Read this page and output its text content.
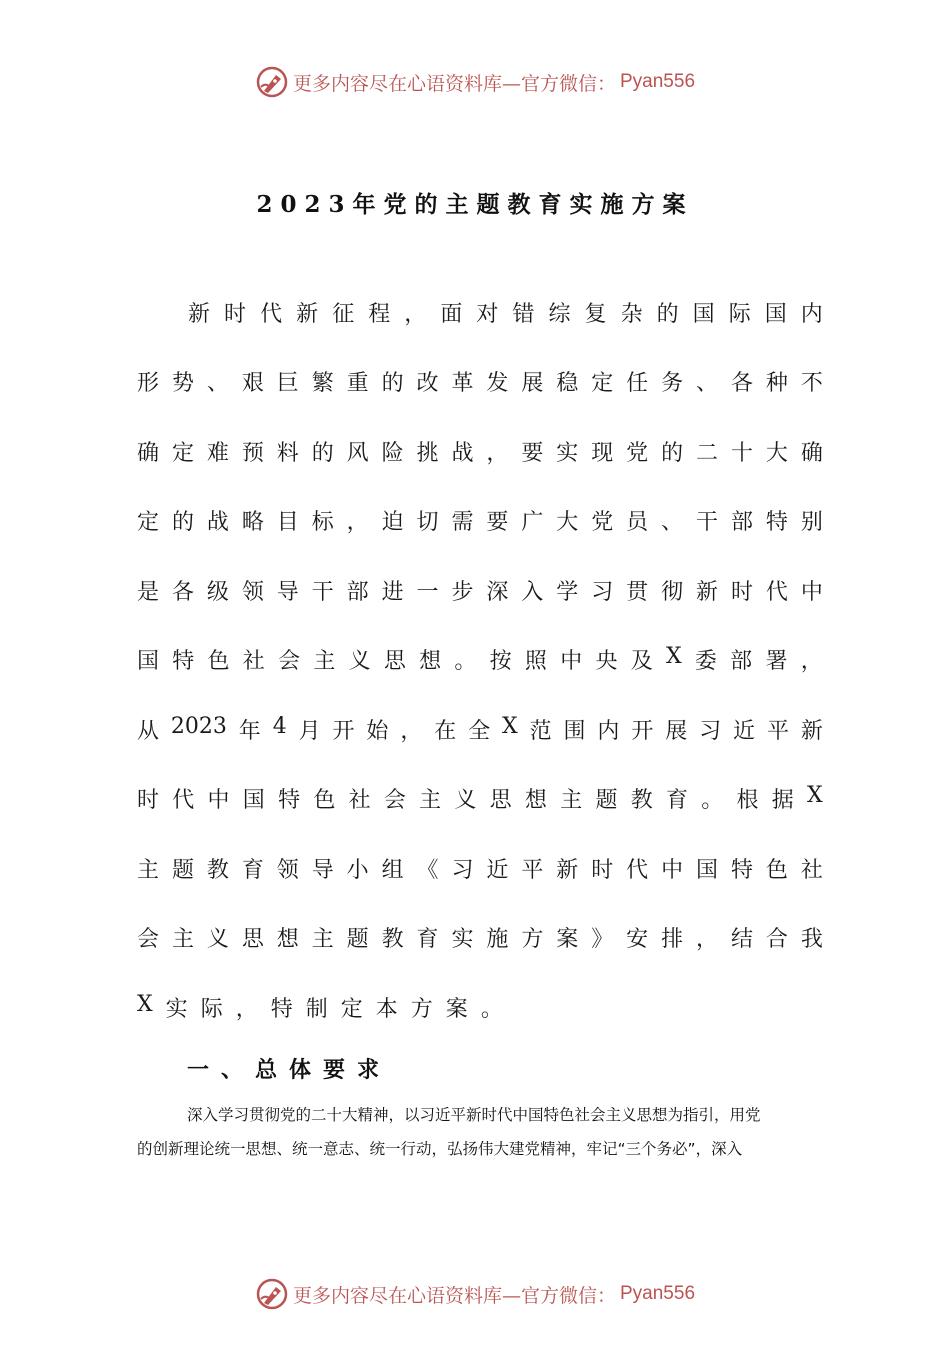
更多内容尽在心语资料库—官方微信： Pyan556
2023年党的主题教育实施方案
新 时 代 新 征 程 ， 面 对 错 综 复 杂 的 国 际 国 内
形 势 、 艰 巨 繁 重 的 改 革 发 展 稳 定 任 务 、 各 种 不
确 定 难 预 料 的 风 险 挑 战 ， 要 实 现 党 的 二 十 大 确
定 的 战 略 目 标 ， 迫 切 需 要 广 大 党 员 、 干 部 特 别
是 各 级 领 导 干 部 进 一 步 深 入 学 习 贯 彻 新 时 代 中
国 特 色 社 会 主 义 思 想 。 按 照 中 央 及 X 委 部 署 ，
从 2023 年 4 月 开 始 ， 在 全 X 范 围 内 开 展 习 近 平 新
时 代 中 国 特 色 社 会 主 义 思 想 主 题 教 育 。 根 据 X
主 题 教 育 领 导 小 组 《 习 近 平 新 时 代 中 国 特 色 社
会 主 义 思 想 主 题 教 育 实 施 方 案 》 安 排 ， 结 合 我
X 实 际 ， 特 制 定 本 方 案 。
一、总体要求
深入学习贯彻党的二十大精神，以习近平新时代中国特色社会主义思想为指引，用党
的创新理论统一思想、统一意志、统一行动，弘扬伟大建党精神，牢记“三个务必”，深入
更多内容尽在心语资料库—官方微信： Pyan556
